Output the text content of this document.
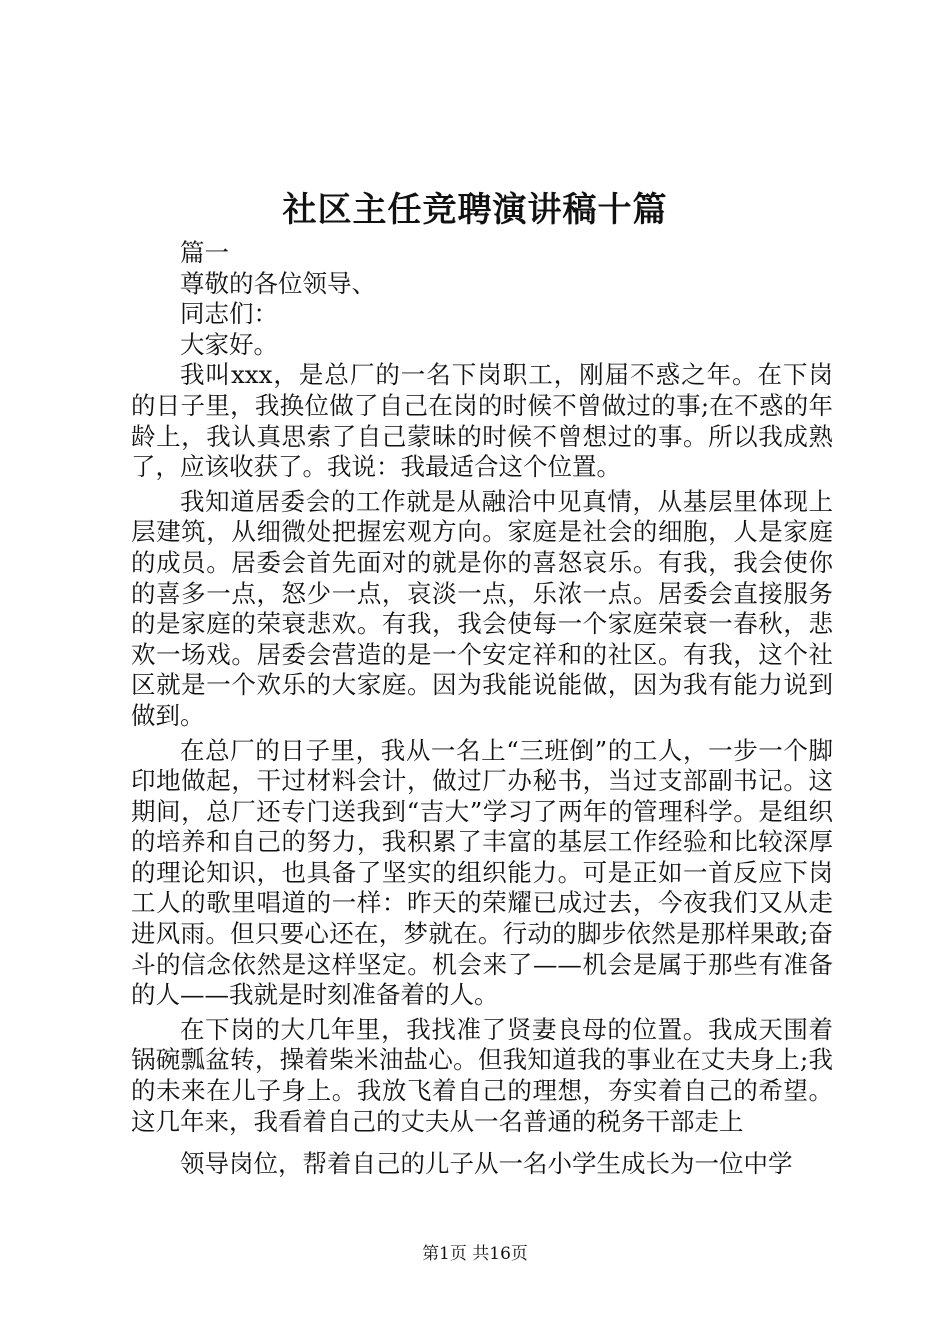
社区主任竞聘演讲稿十篇

篇一

尊敬的各位领导、

同志们：

大家好。

我叫xxx，是总厂的一名下岗职工，刚届不惑之年。在下岗的日子里，我换位做了自己在岗的时候不曾做过的事;在不惑的年龄上，我认真思索了自己蒙昧的时候不曾想过的事。所以我成熟了，应该收获了。我说：我最适合这个位置。

我知道居委会的工作就是从融洽中见真情，从基层里体现上层建筑，从细微处把握宏观方向。家庭是社会的细胞，人是家庭的成员。居委会首先面对的就是你的喜怒哀乐。有我，我会使你的喜多一点，怒少一点，哀淡一点，乐浓一点。居委会直接服务的是家庭的荣衰悲欢。有我，我会使每一个家庭荣衰一春秋，悲欢一场戏。居委会营造的是一个安定祥和的社区。有我，这个社区就是一个欢乐的大家庭。因为我能说能做，因为我有能力说到做到。

在总厂的日子里，我从一名上“三班倒”的工人，一步一个脚印地做起，干过材料会计，做过厂办秘书，当过支部副书记。这期间，总厂还专门送我到“吉大”学习了两年的管理科学。是组织的培养和自己的努力，我积累了丰富的基层工作经验和比较深厚的理论知识，也具备了坚实的组织能力。可是正如一首反应下岗工人的歌里唱道的一样：昨天的荣耀已成过去，今夜我们又从走进风雨。但只要心还在，梦就在。行动的脚步依然是那样果敢;奋斗的信念依然是这样坚定。机会来了——机会是属于那些有准备的人——我就是时刻准备着的人。

在下岗的大几年里，我找准了贤妻良母的位置。我成天围着锅碗瓢盆转，操着柴米油盐心。但我知道我的事业在丈夫身上;我的未来在儿子身上。我放飞着自己的理想，夯实着自己的希望。这几年来，我看着自己的丈夫从一名普通的税务干部走上

领导岗位，帮着自己的儿子从一名小学生成长为一位中学

第1页 共16页
